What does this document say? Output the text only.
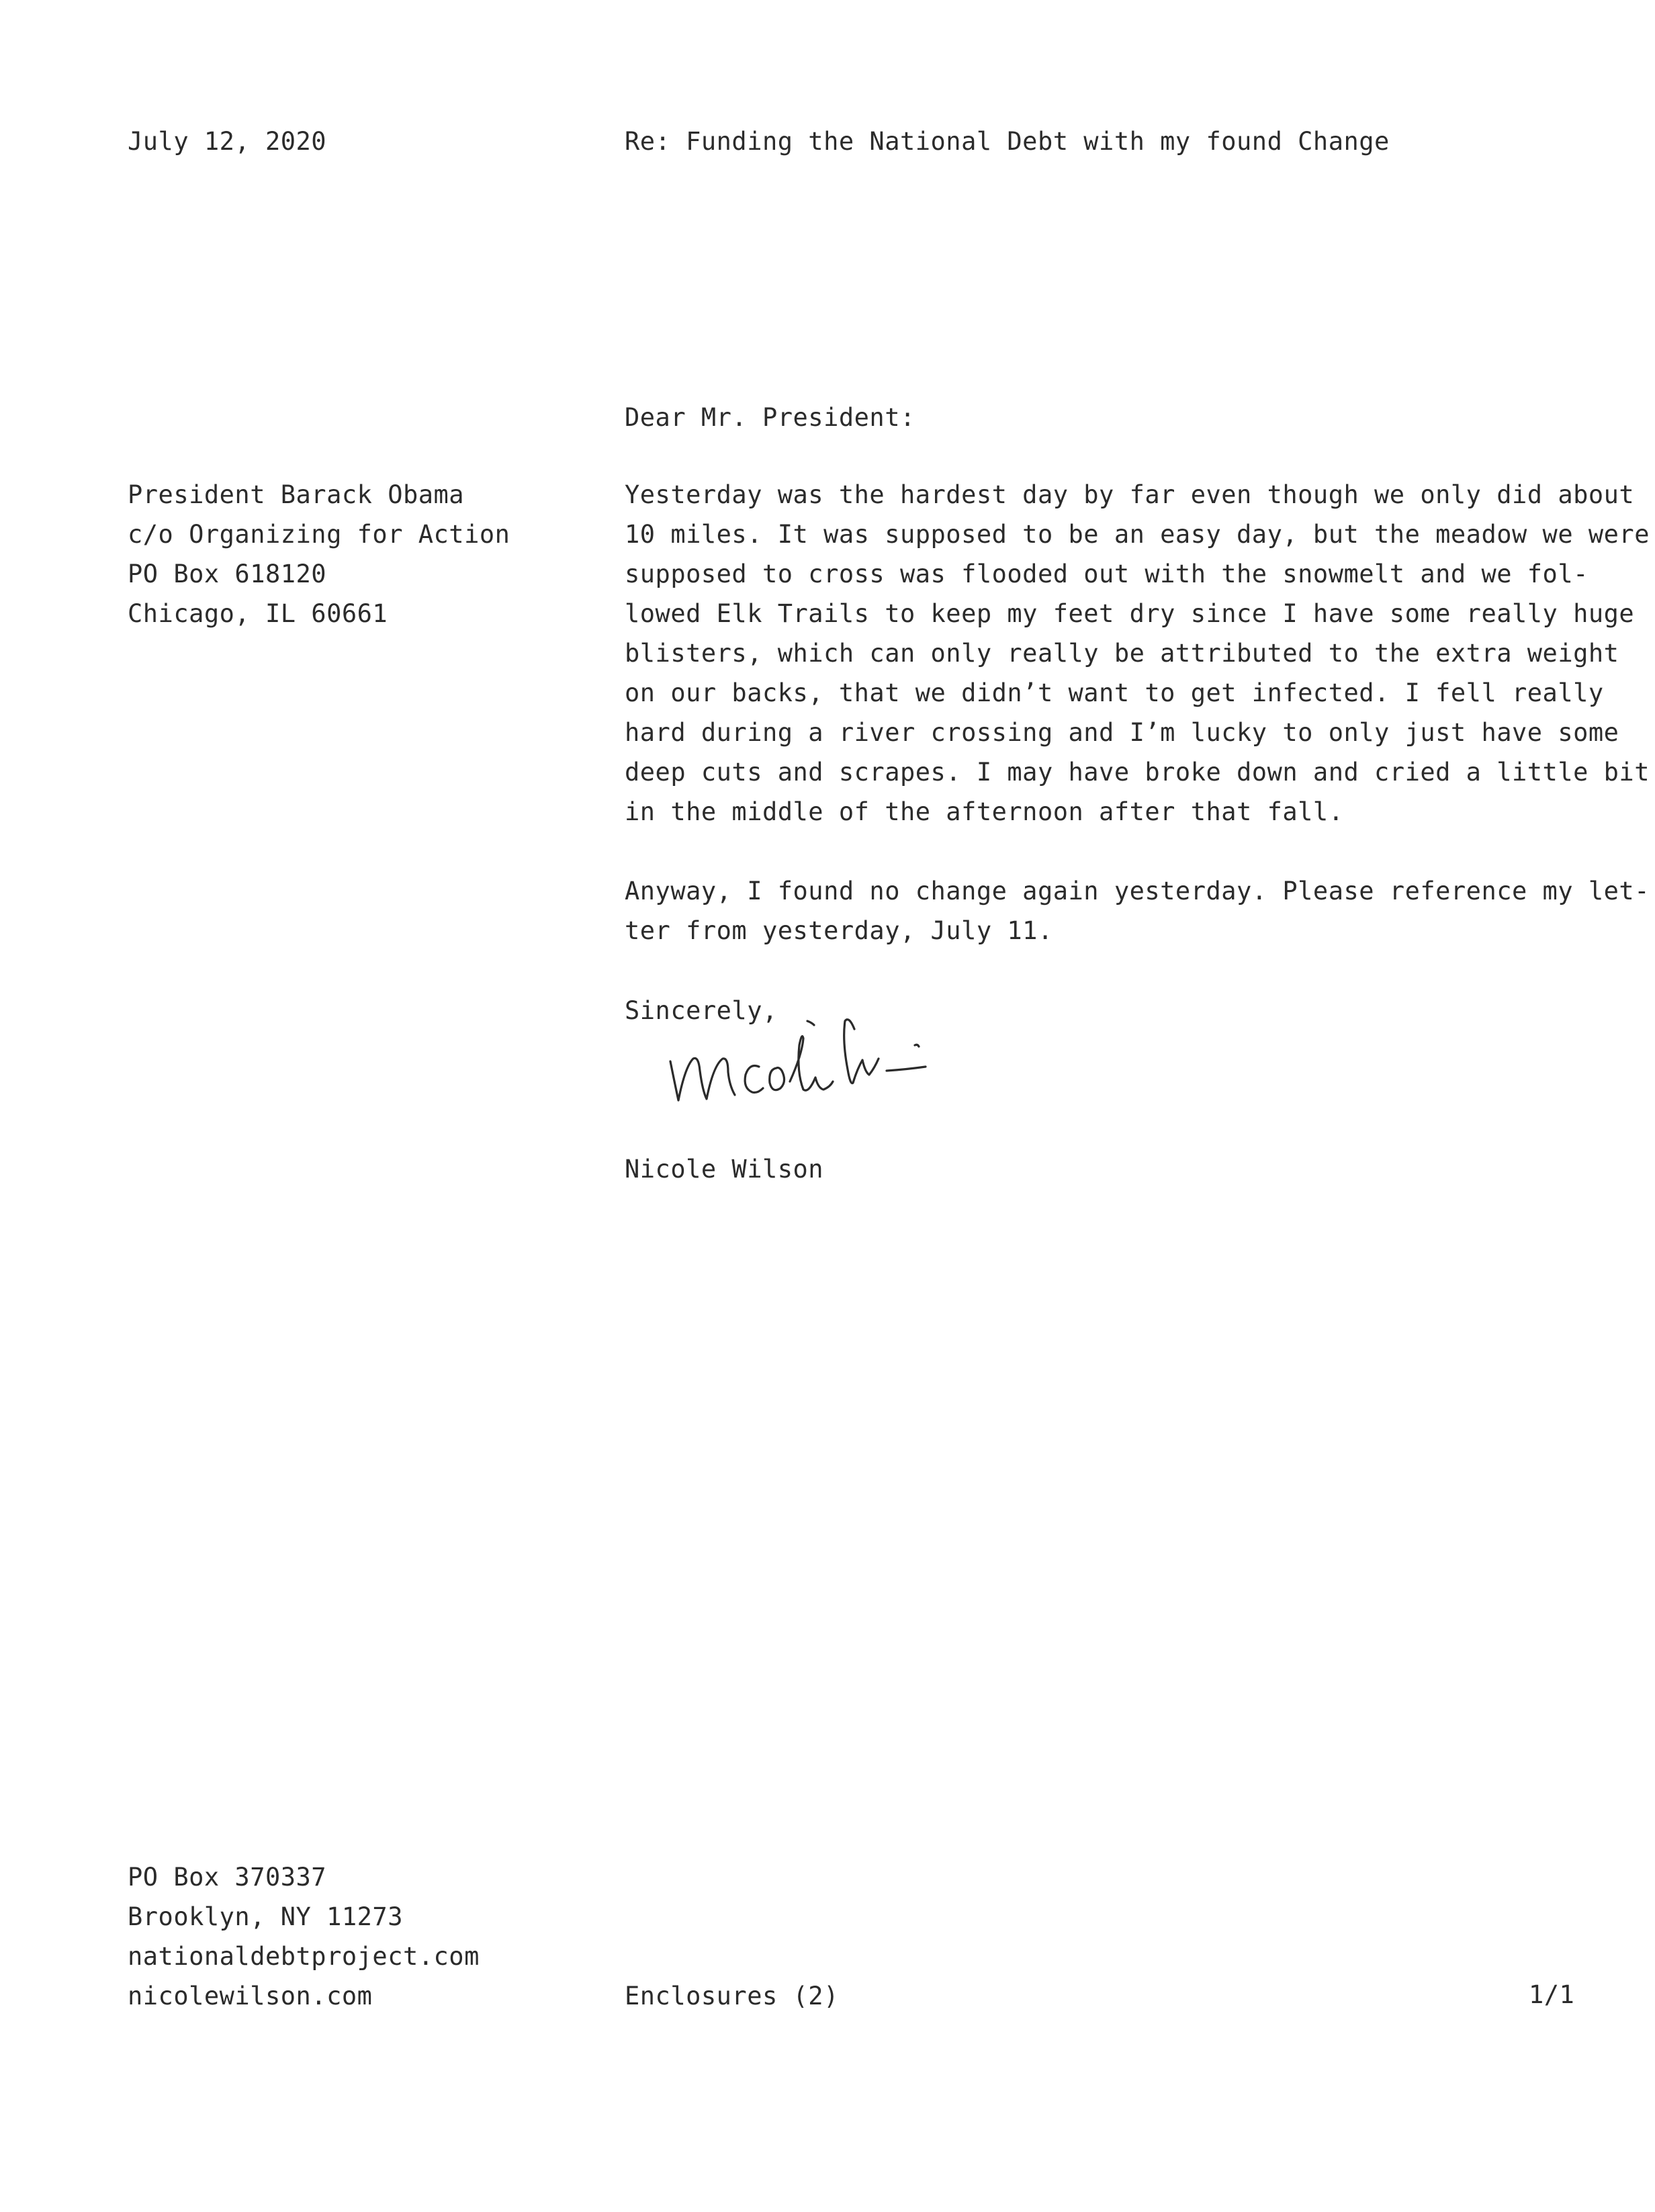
July 12, 2020	Re: Funding the National Debt with my found Change
Dear Mr. President:
President Barack Obama
c/o Organizing for Action
PO Box 618120
Chicago, IL 60661
Yesterday was the hardest day by far even though we only did about
10 miles. It was supposed to be an easy day, but the meadow we were
supposed to cross was flooded out with the snowmelt and we fol-
lowed Elk Trails to keep my feet dry since I have some really huge
blisters, which can only really be attributed to the extra weight
on our backs, that we didn’t want to get infected. I fell really
hard during a river crossing and I’m lucky to only just have some
deep cuts and scrapes. I may have broke down and cried a little bit
in the middle of the afternoon after that fall.
Anyway, I found no change again yesterday. Please reference my let-
ter from yesterday, July 11.
Sincerely,
Nicole Wilson
PO Box 370337
Brooklyn, NY 11273
nationaldebtproject.com
nicolewilson.com	Enclosures (2)	1/1
